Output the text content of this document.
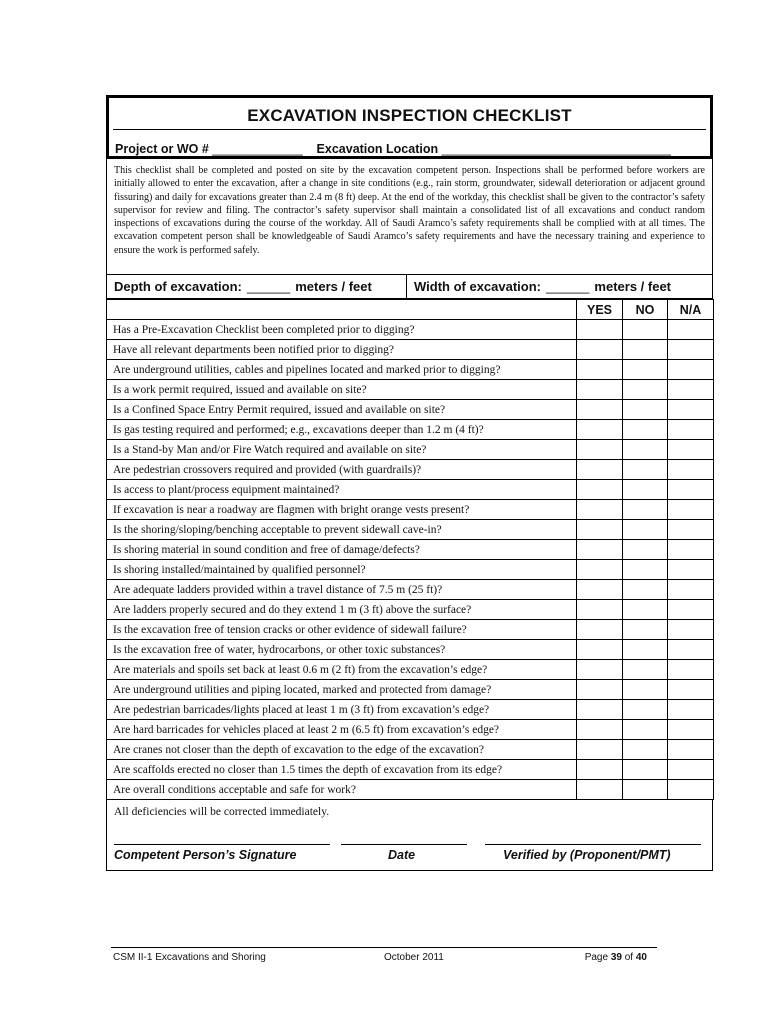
EXCAVATION INSPECTION CHECKLIST
Project or WO # _____________ Excavation Location _________________________________
This checklist shall be completed and posted on site by the excavation competent person. Inspections shall be performed before workers are initially allowed to enter the excavation, after a change in site conditions (e.g., rain storm, groundwater, sidewall deterioration or adjacent ground fissuring) and daily for excavations greater than 2.4 m (8 ft) deep. At the end of the workday, this checklist shall be given to the contractor’s safety supervisor for review and filing. The contractor’s safety supervisor shall maintain a consolidated list of all excavations and conduct random inspections of excavations during the course of the workday. All of Saudi Aramco’s safety requirements shall be complied with at all times. The excavation competent person shall be knowledgeable of Saudi Aramco’s safety requirements and have the necessary training and experience to ensure the work is performed safely.
Depth of excavation: ______ meters / feet	Width of excavation: ______ meters / feet
	YES	NO	N/A
Has a Pre-Excavation Checklist been completed prior to digging?			
Have all relevant departments been notified prior to digging?			
Are underground utilities, cables and pipelines located and marked prior to digging?			
Is a work permit required, issued and available on site?			
Is a Confined Space Entry Permit required, issued and available on site?			
Is gas testing required and performed; e.g., excavations deeper than 1.2 m (4 ft)?			
Is a Stand-by Man and/or Fire Watch required and available on site?			
Are pedestrian crossovers required and provided (with guardrails)?			
Is access to plant/process equipment maintained?			
If excavation is near a roadway are flagmen with bright orange vests present?			
Is the shoring/sloping/benching acceptable to prevent sidewall cave-in?			
Is shoring material in sound condition and free of damage/defects?			
Is shoring installed/maintained by qualified personnel?			
Are adequate ladders provided within a travel distance of 7.5 m (25 ft)?			
Are ladders properly secured and do they extend 1 m (3 ft) above the surface?			
Is the excavation free of tension cracks or other evidence of sidewall failure?			
Is the excavation free of water, hydrocarbons, or other toxic substances?			
Are materials and spoils set back at least 0.6 m (2 ft) from the excavation’s edge?			
Are underground utilities and piping located, marked and protected from damage?			
Are pedestrian barricades/lights placed at least 1 m (3 ft) from excavation’s edge?			
Are hard barricades for vehicles placed at least 2 m (6.5 ft) from excavation’s edge?			
Are cranes not closer than the depth of excavation to the edge of the excavation?			
Are scaffolds erected no closer than 1.5 times the depth of excavation from its edge?			
Are overall conditions acceptable and safe for work?			
All deficiencies will be corrected immediately.
Competent Person’s Signature	Date	Verified by (Proponent/PMT)
CSM II-1 Excavations and Shoring	October 2011	Page 39 of 40
